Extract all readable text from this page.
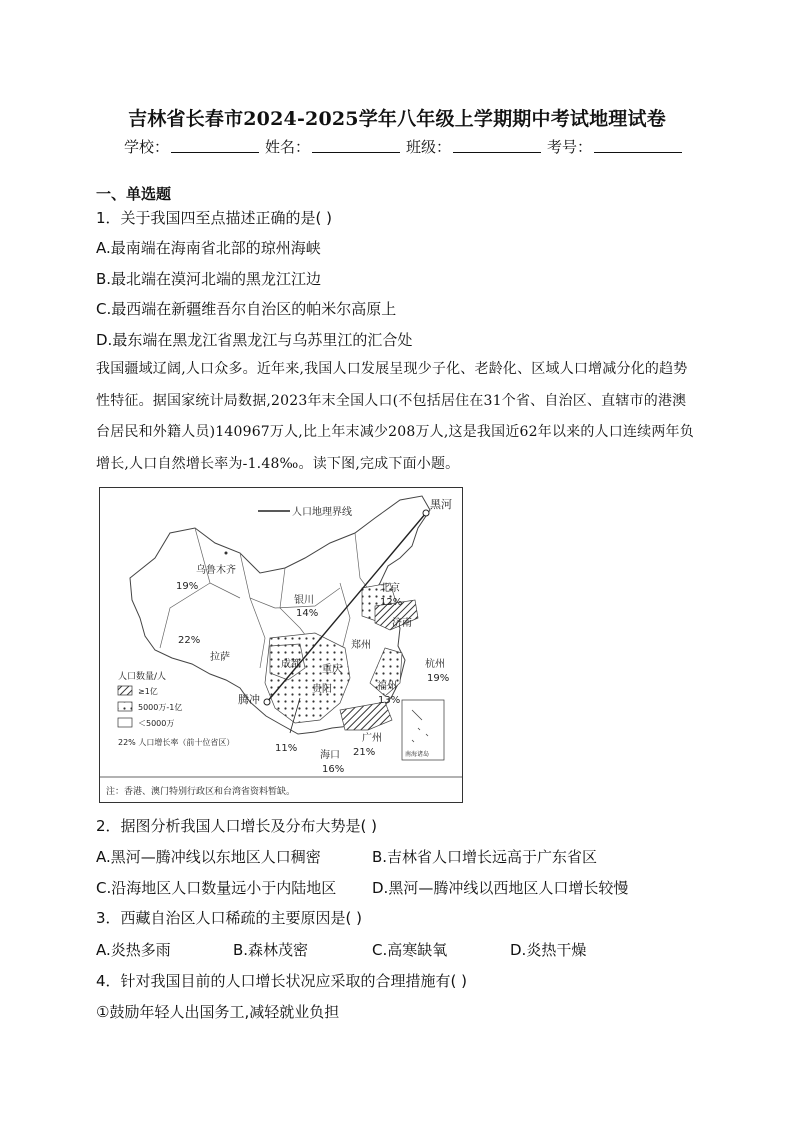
吉林省长春市2024-2025学年八年级上学期期中考试地理试卷
学校：	姓名：	班级：	考号：
一、单选题
1．关于我国四至点描述正确的是( )
A.最南端在海南省北部的琼州海峡
B.最北端在漠河北端的黑龙江江边
C.最西端在新疆维吾尔自治区的帕米尔高原上
D.最东端在黑龙江省黑龙江与乌苏里江的汇合处
我国疆域辽阔,人口众多。近年来,我国人口发展呈现少子化、老龄化、区域人口增减分化的趋势性特征。据国家统计局数据,2023年末全国人口(不包括居住在31个省、自治区、直辖市的港澳台居民和外籍人员)140967万人,比上年末减少208万人,这是我国近62年以来的人口连续两年负增长,人口自然增长率为-1.48‰。读下图,完成下面小题。
人口地理界线
黑河
腾冲
乌鲁木齐
19%
银川
14%
北京
12%
济南
郑州
22%
拉萨
成都 重庆
贵阳
杭州
19%
福州
13%
广州
21%
海口
16%
11%
人口数量/人
≥1亿
5000万-1亿
＜5000万
22% 人口增长率（前十位省区）
南海诸岛
注：香港、澳门特别行政区和台湾省资料暂缺。
2．据图分析我国人口增长及分布大势是( )
A.黑河—腾冲线以东地区人口稠密	B.吉林省人口增长远高于广东省区
C.沿海地区人口数量远小于内陆地区 D.黑河—腾冲线以西地区人口增长较慢
3．西藏自治区人口稀疏的主要原因是( )
A.炎热多雨	B.森林茂密	C.高寒缺氧	D.炎热干燥
4．针对我国目前的人口增长状况应采取的合理措施有( )
①鼓励年轻人出国务工,减轻就业负担
